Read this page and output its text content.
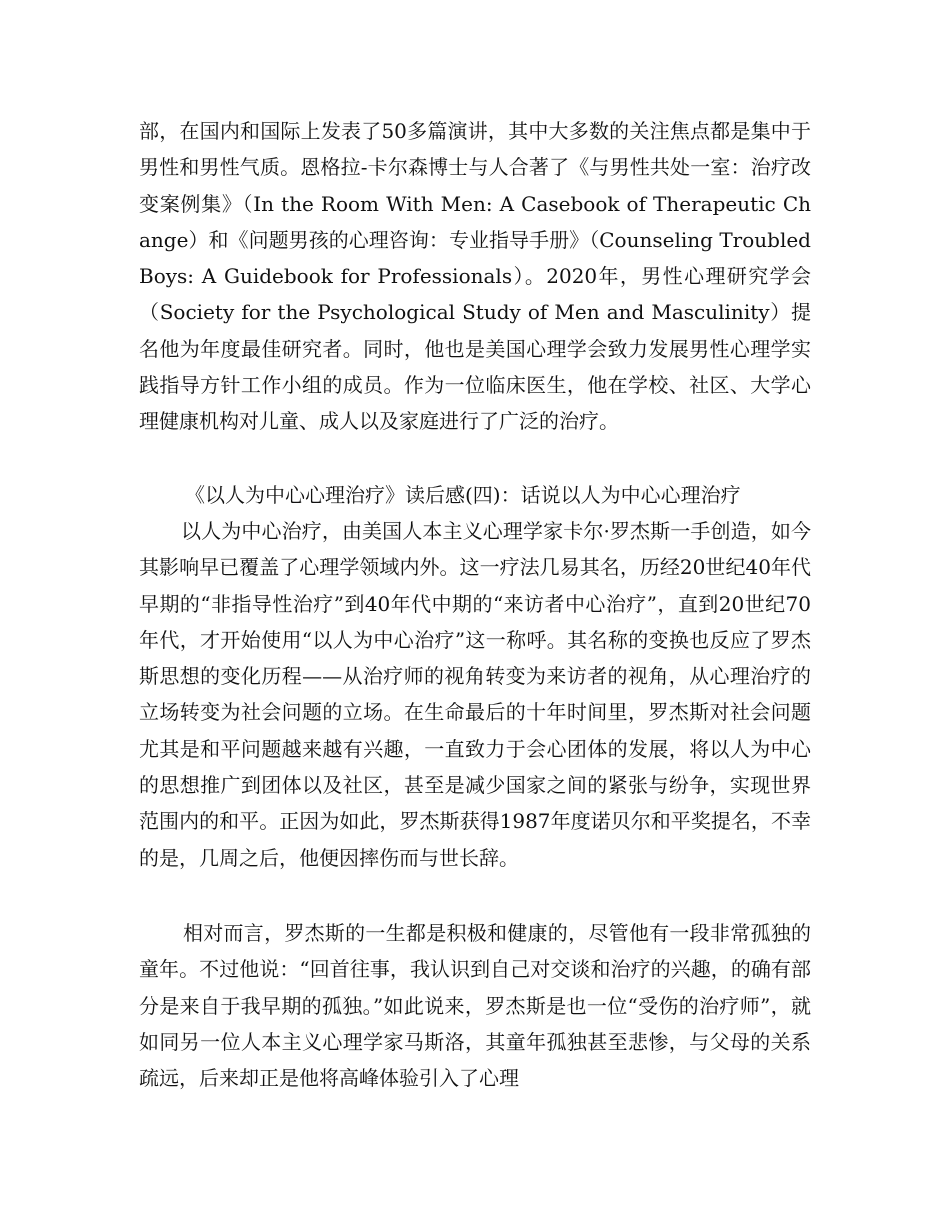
部，在国内和国际上发表了50多篇演讲，其中大多数的关注焦点都是集中于男性和男性气质。恩格拉-卡尔森博士与人合著了《与男性共处一室：治疗改变案例集》（In the Room With Men: A Casebook of Therapeutic Change）和《问题男孩的心理咨询：专业指导手册》（Counseling Troubled Boys: A Guidebook for Professionals）。2020年，男性心理研究学会（Society for the Psychological Study of Men and Masculinity）提名他为年度最佳研究者。同时，他也是美国心理学会致力发展男性心理学实践指导方针工作小组的成员。作为一位临床医生，他在学校、社区、大学心理健康机构对儿童、成人以及家庭进行了广泛的治疗。
《以人为中心心理治疗》读后感(四)：话说以人为中心心理治疗
以人为中心治疗，由美国人本主义心理学家卡尔·罗杰斯一手创造，如今其影响早已覆盖了心理学领域内外。这一疗法几易其名，历经20世纪40年代早期的“非指导性治疗”到40年代中期的“来访者中心治疗”，直到20世纪70年代，才开始使用“以人为中心治疗”这一称呼。其名称的变换也反应了罗杰斯思想的变化历程——从治疗师的视角转变为来访者的视角，从心理治疗的立场转变为社会问题的立场。在生命最后的十年时间里，罗杰斯对社会问题尤其是和平问题越来越有兴趣，一直致力于会心团体的发展，将以人为中心的思想推广到团体以及社区，甚至是减少国家之间的紧张与纷争，实现世界范围内的和平。正因为如此，罗杰斯获得1987年度诺贝尔和平奖提名，不幸的是，几周之后，他便因摔伤而与世长辞。
相对而言，罗杰斯的一生都是积极和健康的，尽管他有一段非常孤独的童年。不过他说：“回首往事，我认识到自己对交谈和治疗的兴趣，的确有部分是来自于我早期的孤独。”如此说来，罗杰斯是也一位“受伤的治疗师”，就如同另一位人本主义心理学家马斯洛，其童年孤独甚至悲惨，与父母的关系疏远，后来却正是他将高峰体验引入了心理
